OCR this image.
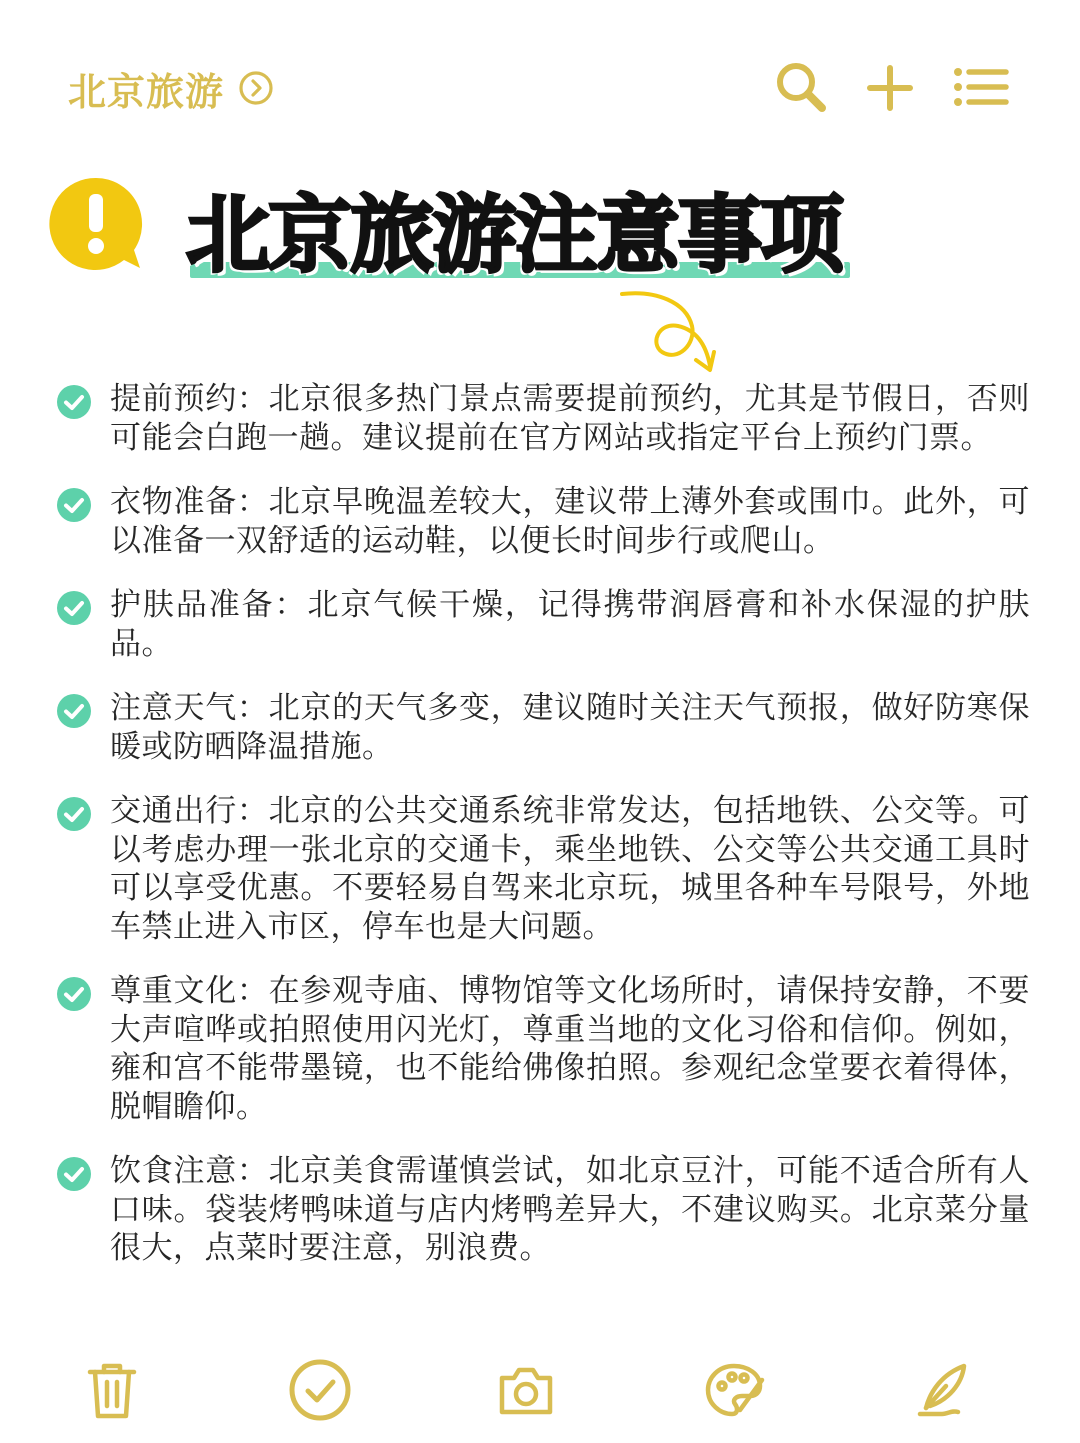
北京旅游
北京旅游注意事项
提前预约：北京很多热门景点需要提前预约，尤其是节假日，否则可能会白跑一趟。建议提前在官方网站或指定平台上预约门票。
衣物准备：北京早晚温差较大，建议带上薄外套或围巾。此外，可以准备一双舒适的运动鞋，以便长时间步行或爬山。
护肤品准备：北京气候干燥，记得携带润唇膏和补水保湿的护肤品。
注意天气：北京的天气多变，建议随时关注天气预报，做好防寒保暖或防晒降温措施。
交通出行：北京的公共交通系统非常发达，包括地铁、公交等。可以考虑办理一张北京的交通卡，乘坐地铁、公交等公共交通工具时可以享受优惠。不要轻易自驾来北京玩，城里各种车号限号，外地车禁止进入市区，停车也是大问题。
尊重文化：在参观寺庙、博物馆等文化场所时，请保持安静，不要大声喧哗或拍照使用闪光灯，尊重当地的文化习俗和信仰。例如，雍和宫不能带墨镜，也不能给佛像拍照。参观纪念堂要衣着得体，脱帽瞻仰。
饮食注意：北京美食需谨慎尝试，如北京豆汁，可能不适合所有人口味。袋装烤鸭味道与店内烤鸭差异大，不建议购买。北京菜分量很大，点菜时要注意，别浪费。
